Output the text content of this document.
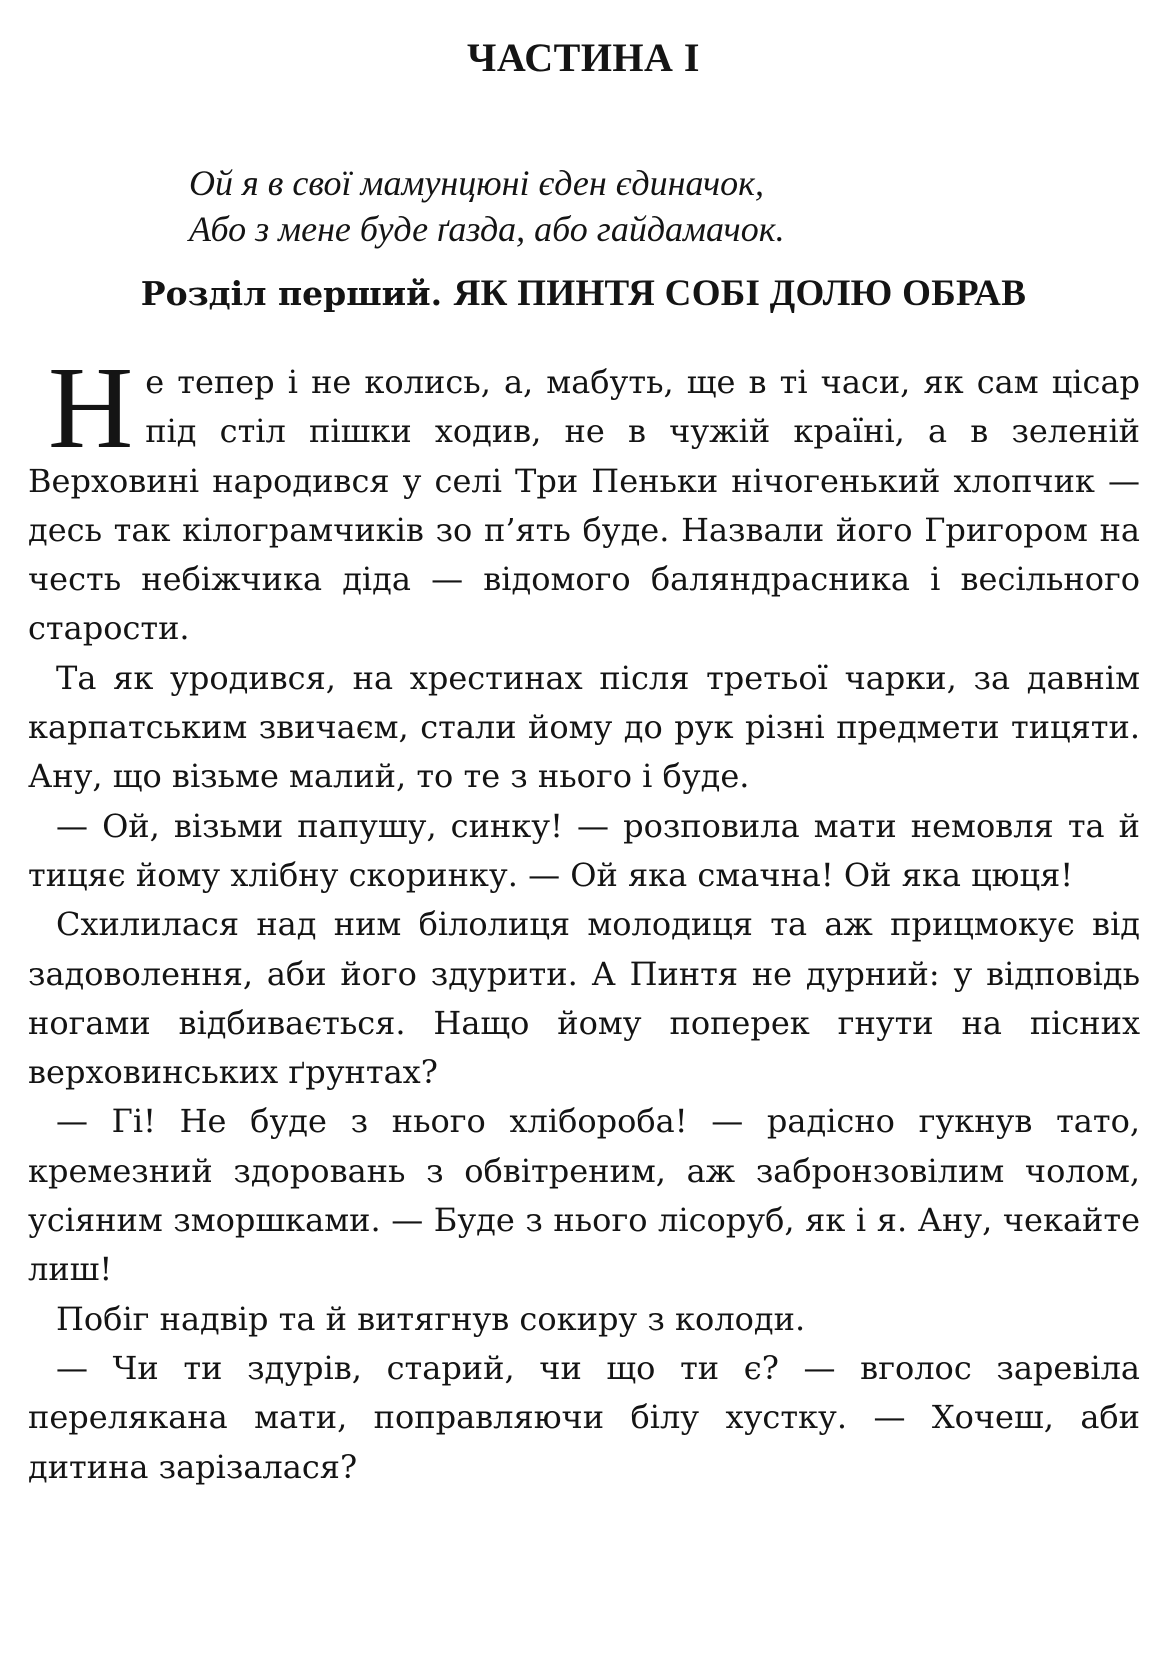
ЧАСТИНА І
Ой я в свої мамунцюні єден єдиначок,
Або з мене буде ґазда, або гайдамачок.
Розділ перший. ЯК ПИНТЯ СОБІ ДОЛЮ ОБРАВ

Не тепер і не колись, а, мабуть, ще в ті часи, як сам цісар під стіл пішки ходив, не в чужій країні, а в зеленій Верховині народився у селі Три Пеньки нічогенький хлопчик — десь так кілограмчиків зо п’ять буде. Назвали його Григором на честь небіжчика діда — відомого баляндрасника і весільного старости.

Та як уродився, на хрестинах після третьої чарки, за давнім карпатським звичаєм, стали йому до рук різні предмети тицяти. Ану, що візьме малий, то те з нього і буде.

— Ой, візьми папушу, синку! — розповила мати немовля та й тицяє йому хлібну скоринку. — Ой яка смачна! Ой яка цюця!

Схилилася над ним білолиця молодиця та аж прицмокує від задоволення, аби його здурити. А Пинтя не дурний: у відповідь ногами відбивається. Нащо йому поперек гнути на пісних верховинських ґрунтах?

— Гі! Не буде з нього хлібороба! — радісно гукнув тато, кремезний здоровань з обвітреним, аж забронзовілим чолом, усіяним зморшками. — Буде з нього лісоруб, як і я. Ану, чекайте лиш!

Побіг надвір та й витягнув сокиру з колоди.

— Чи ти здурів, старий, чи що ти є? — вголос заревіла перелякана мати, поправляючи білу хустку. — Хочеш, аби дитина зарізалася?
